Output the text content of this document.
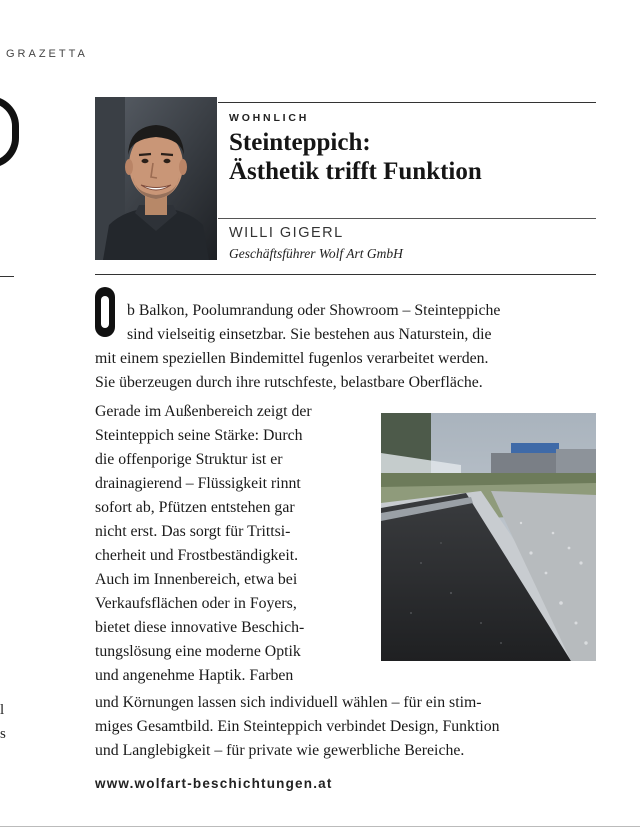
GRAZETTA
l
s
WOHNLICH
Steinteppich:
Ästhetik trifft Funktion
WILLI GIGERL
Geschäftsführer Wolf Art GmbH
b Balkon, Poolumrandung oder Showroom – Steinteppiche
sind vielseitig einsetzbar. Sie bestehen aus Naturstein, die
mit einem speziellen Bindemittel fugenlos verarbeitet werden.
Sie überzeugen durch ihre rutschfeste, belastbare Oberfläche.
Gerade im Außenbereich zeigt der
Steinteppich seine Stärke: Durch
die offenporige Struktur ist er
drainagierend – Flüssigkeit rinnt
sofort ab, Pfützen entstehen gar
nicht erst. Das sorgt für Trittsi-
cherheit und Frostbeständigkeit.
Auch im Innenbereich, etwa bei
Verkaufsflächen oder in Foyers,
bietet diese innovative Beschich-
tungslösung eine moderne Optik
und angenehme Haptik. Farben
und Körnungen lassen sich individuell wählen – für ein stim-
miges Gesamtbild. Ein Steinteppich verbindet Design, Funktion
und Langlebigkeit – für private wie gewerbliche Bereiche.
www.wolfart-beschichtungen.at
